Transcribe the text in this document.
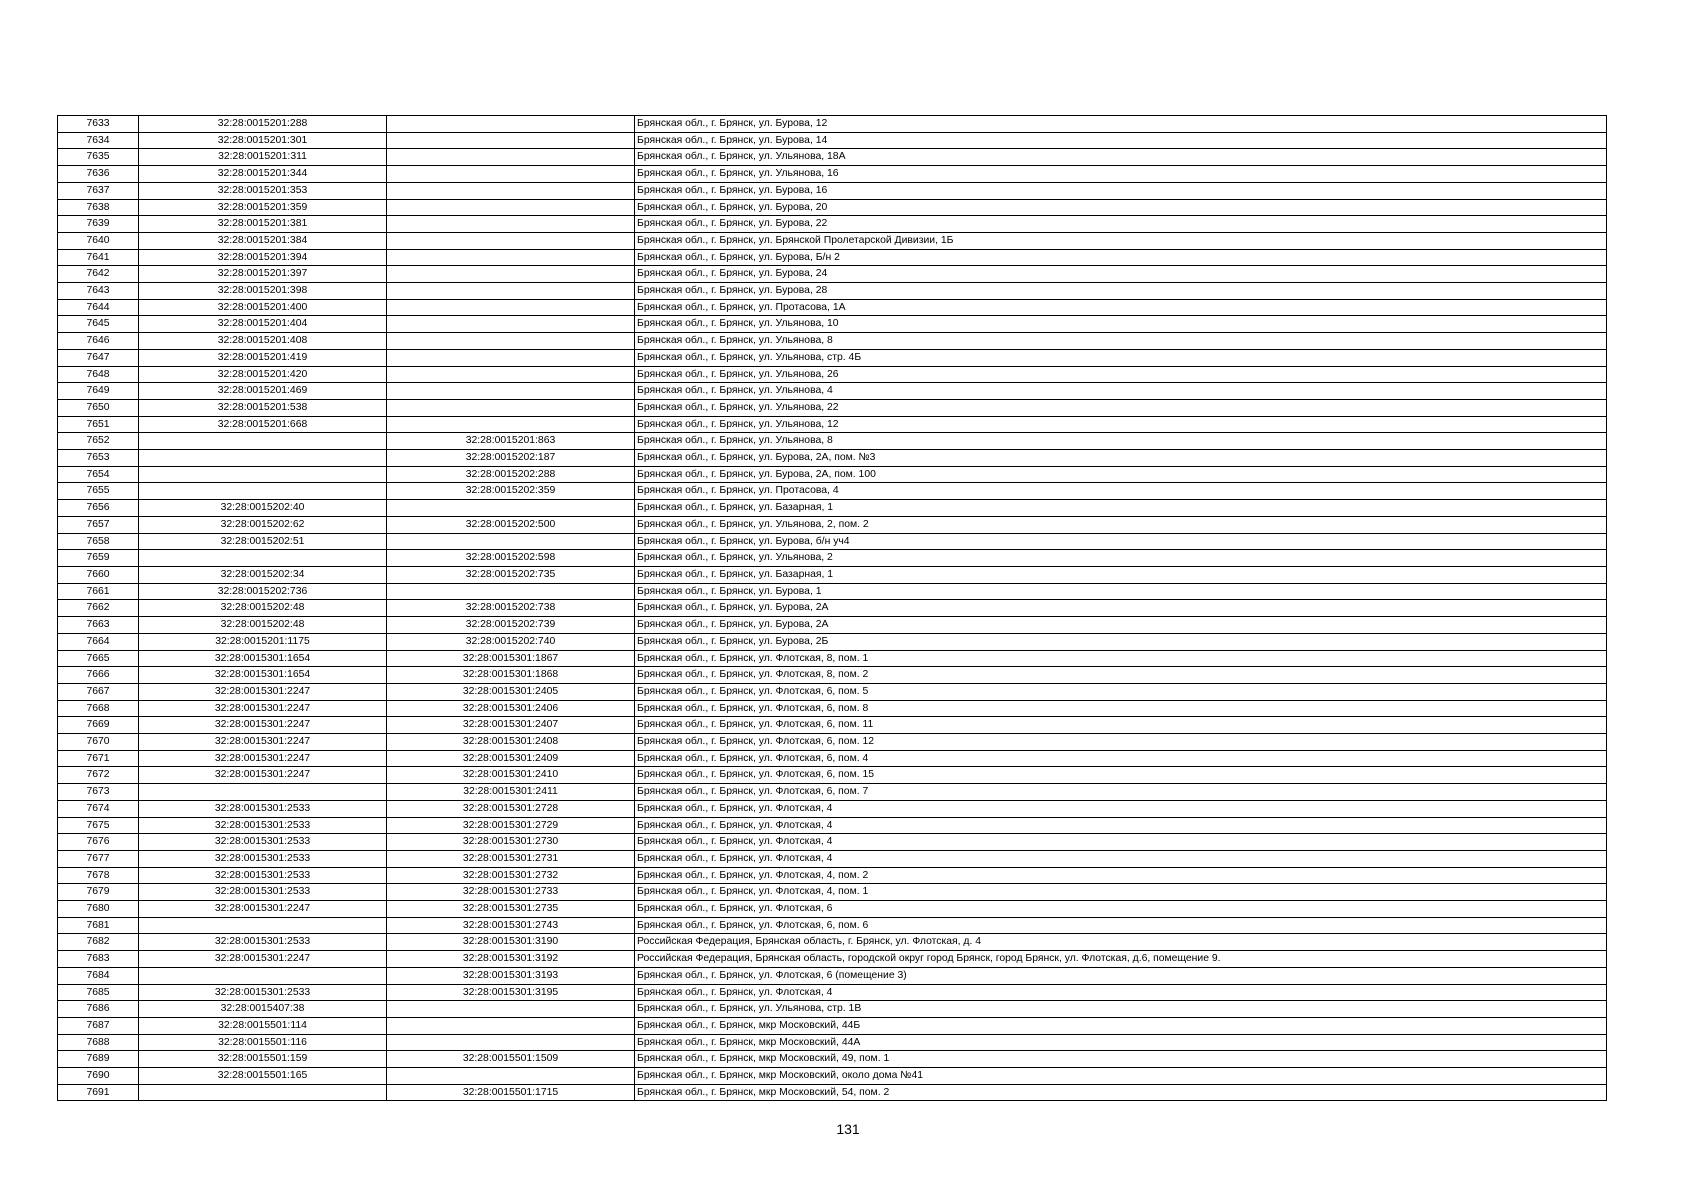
7633	32:28:0015201:288		Брянская обл., г. Брянск, ул. Бурова, 12
7634	32:28:0015201:301		Брянская обл., г. Брянск, ул. Бурова, 14
7635	32:28:0015201:311		Брянская обл., г. Брянск, ул. Ульянова, 18А
7636	32:28:0015201:344		Брянская обл., г. Брянск, ул. Ульянова, 16
7637	32:28:0015201:353		Брянская обл., г. Брянск, ул. Бурова, 16
7638	32:28:0015201:359		Брянская обл., г. Брянск, ул. Бурова, 20
7639	32:28:0015201:381		Брянская обл., г. Брянск, ул. Бурова, 22
7640	32:28:0015201:384		Брянская обл., г. Брянск, ул. Брянской Пролетарской Дивизии, 1Б
7641	32:28:0015201:394		Брянская обл., г. Брянск, ул. Бурова, Б/н 2
7642	32:28:0015201:397		Брянская обл., г. Брянск, ул. Бурова, 24
7643	32:28:0015201:398		Брянская обл., г. Брянск, ул. Бурова, 28
7644	32:28:0015201:400		Брянская обл., г. Брянск, ул. Протасова, 1А
7645	32:28:0015201:404		Брянская обл., г. Брянск, ул. Ульянова, 10
7646	32:28:0015201:408		Брянская обл., г. Брянск, ул. Ульянова, 8
7647	32:28:0015201:419		Брянская обл., г. Брянск, ул. Ульянова, стр. 4Б
7648	32:28:0015201:420		Брянская обл., г. Брянск, ул. Ульянова, 26
7649	32:28:0015201:469		Брянская обл., г. Брянск, ул. Ульянова, 4
7650	32:28:0015201:538		Брянская обл., г. Брянск, ул. Ульянова, 22
7651	32:28:0015201:668		Брянская обл., г. Брянск, ул. Ульянова, 12
7652		32:28:0015201:863	Брянская обл., г. Брянск, ул. Ульянова, 8
7653		32:28:0015202:187	Брянская обл., г. Брянск, ул. Бурова, 2А, пом. №3
7654		32:28:0015202:288	Брянская обл., г. Брянск, ул. Бурова, 2А, пом. 100
7655		32:28:0015202:359	Брянская обл., г. Брянск, ул. Протасова, 4
7656	32:28:0015202:40		Брянская обл., г. Брянск, ул. Базарная, 1
7657	32:28:0015202:62	32:28:0015202:500	Брянская обл., г. Брянск, ул. Ульянова, 2, пом. 2
7658	32:28:0015202:51		Брянская обл., г. Брянск, ул. Бурова, б/н уч4
7659		32:28:0015202:598	Брянская обл., г. Брянск, ул. Ульянова, 2
7660	32:28:0015202:34	32:28:0015202:735	Брянская обл., г. Брянск, ул. Базарная, 1
7661	32:28:0015202:736		Брянская обл., г. Брянск, ул. Бурова, 1
7662	32:28:0015202:48	32:28:0015202:738	Брянская обл., г. Брянск, ул. Бурова, 2А
7663	32:28:0015202:48	32:28:0015202:739	Брянская обл., г. Брянск, ул. Бурова, 2А
7664	32:28:0015201:1175	32:28:0015202:740	Брянская обл., г. Брянск, ул. Бурова, 2Б
7665	32:28:0015301:1654	32:28:0015301:1867	Брянская обл., г. Брянск, ул. Флотская, 8, пом. 1
7666	32:28:0015301:1654	32:28:0015301:1868	Брянская обл., г. Брянск, ул. Флотская, 8, пом. 2
7667	32:28:0015301:2247	32:28:0015301:2405	Брянская обл., г. Брянск, ул. Флотская, 6, пом. 5
7668	32:28:0015301:2247	32:28:0015301:2406	Брянская обл., г. Брянск, ул. Флотская, 6, пом. 8
7669	32:28:0015301:2247	32:28:0015301:2407	Брянская обл., г. Брянск, ул. Флотская, 6, пом. 11
7670	32:28:0015301:2247	32:28:0015301:2408	Брянская обл., г. Брянск, ул. Флотская, 6, пом. 12
7671	32:28:0015301:2247	32:28:0015301:2409	Брянская обл., г. Брянск, ул. Флотская, 6, пом. 4
7672	32:28:0015301:2247	32:28:0015301:2410	Брянская обл., г. Брянск, ул. Флотская, 6, пом. 15
7673		32:28:0015301:2411	Брянская обл., г. Брянск, ул. Флотская, 6, пом. 7
7674	32:28:0015301:2533	32:28:0015301:2728	Брянская обл., г. Брянск, ул. Флотская, 4
7675	32:28:0015301:2533	32:28:0015301:2729	Брянская обл., г. Брянск, ул. Флотская, 4
7676	32:28:0015301:2533	32:28:0015301:2730	Брянская обл., г. Брянск, ул. Флотская, 4
7677	32:28:0015301:2533	32:28:0015301:2731	Брянская обл., г. Брянск, ул. Флотская, 4
7678	32:28:0015301:2533	32:28:0015301:2732	Брянская обл., г. Брянск, ул. Флотская, 4, пом. 2
7679	32:28:0015301:2533	32:28:0015301:2733	Брянская обл., г. Брянск, ул. Флотская, 4, пом. 1
7680	32:28:0015301:2247	32:28:0015301:2735	Брянская обл., г. Брянск, ул. Флотская, 6
7681		32:28:0015301:2743	Брянская обл., г. Брянск, ул. Флотская, 6, пом. 6
7682	32:28:0015301:2533	32:28:0015301:3190	Российская Федерация, Брянская область, г. Брянск, ул. Флотская, д. 4
7683	32:28:0015301:2247	32:28:0015301:3192	Российская Федерация, Брянская область, городской округ город Брянск, город Брянск, ул. Флотская, д.6, помещение 9.
7684		32:28:0015301:3193	Брянская обл., г. Брянск, ул. Флотская, 6 (помещение 3)
7685	32:28:0015301:2533	32:28:0015301:3195	Брянская обл., г. Брянск, ул. Флотская, 4
7686	32:28:0015407:38		Брянская обл., г. Брянск, ул. Ульянова, стр. 1В
7687	32:28:0015501:114		Брянская обл., г. Брянск, мкр Московский, 44Б
7688	32:28:0015501:116		Брянская обл., г. Брянск, мкр Московский, 44А
7689	32:28:0015501:159	32:28:0015501:1509	Брянская обл., г. Брянск, мкр Московский, 49, пом. 1
7690	32:28:0015501:165		Брянская обл., г. Брянск, мкр Московский, около дома №41
7691		32:28:0015501:1715	Брянская обл., г. Брянск, мкр Московский, 54, пом. 2
131
